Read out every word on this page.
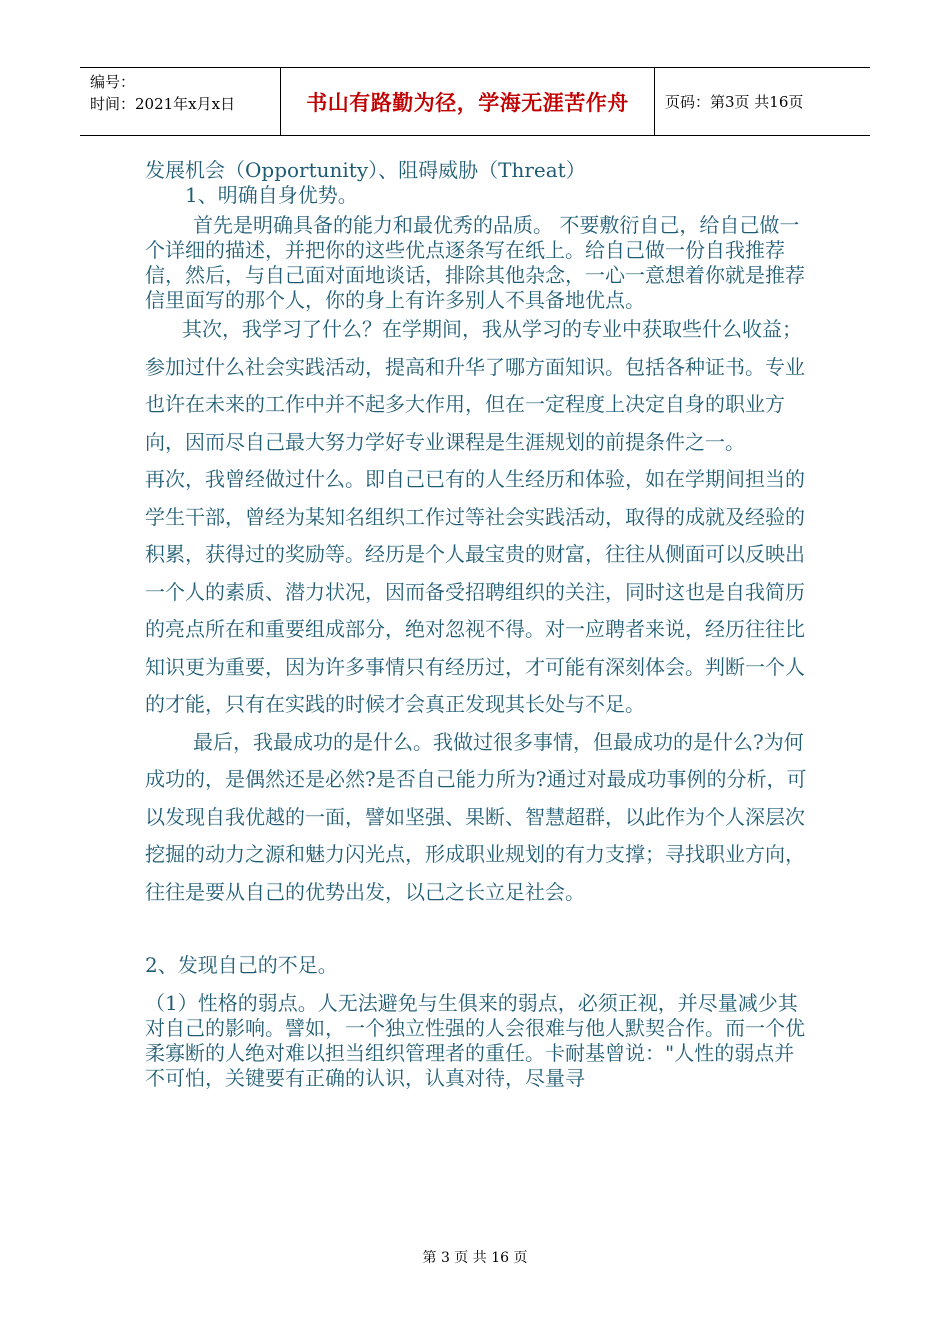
编号：
时间：2021年x月x日	书山有路勤为径，学海无涯苦作舟	页码：第3页 共16页

发展机会（Opportunity）、阻碍威胁（Threat）

1、明确自身优势。

首先是明确具备的能力和最优秀的品质。 不要敷衍自己，给自己做一个详细的描述，并把你的这些优点逐条写在纸上。给自己做一份自我推荐信，然后，与自己面对面地谈话，排除其他杂念，一心一意想着你就是推荐信里面写的那个人，你的身上有许多别人不具备地优点。

其次，我学习了什么？在学期间，我从学习的专业中获取些什么收益；参加过什么社会实践活动，提高和升华了哪方面知识。包括各种证书。专业也许在未来的工作中并不起多大作用，但在一定程度上决定自身的职业方向，因而尽自己最大努力学好专业课程是生涯规划的前提条件之一。

再次，我曾经做过什么。即自己已有的人生经历和体验，如在学期间担当的学生干部，曾经为某知名组织工作过等社会实践活动，取得的成就及经验的积累，获得过的奖励等。经历是个人最宝贵的财富，往往从侧面可以反映出一个人的素质、潜力状况，因而备受招聘组织的关注，同时这也是自我简历的亮点所在和重要组成部分，绝对忽视不得。对一应聘者来说，经历往往比知识更为重要，因为许多事情只有经历过，才可能有深刻体会。判断一个人的才能，只有在实践的时候才会真正发现其长处与不足。

最后，我最成功的是什么。我做过很多事情，但最成功的是什么?为何成功的，是偶然还是必然?是否自己能力所为?通过对最成功事例的分析，可以发现自我优越的一面，譬如坚强、果断、智慧超群，以此作为个人深层次挖掘的动力之源和魅力闪光点，形成职业规划的有力支撑；寻找职业方向，往往是要从自己的优势出发，以己之长立足社会。

2、发现自己的不足。

（1）性格的弱点。人无法避免与生俱来的弱点，必须正视，并尽量减少其对自己的影响。譬如，一个独立性强的人会很难与他人默契合作。而一个优柔寡断的人绝对难以担当组织管理者的重任。卡耐基曾说："人性的弱点并不可怕，关键要有正确的认识，认真对待，尽量寻

第 3 页 共 16 页
